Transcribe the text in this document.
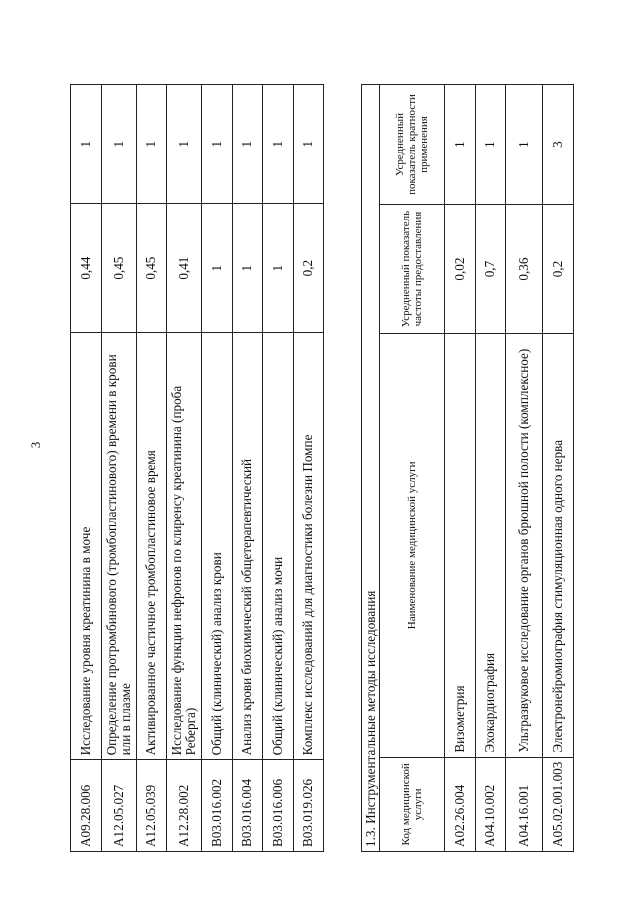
3
A09.28.006	Исследование уровня креатинина в моче	0,44	1
A12.05.027	Определение протромбинового (тромбопластинового) времени в крови или в плазме	0,45	1
A12.05.039	Активированное частичное тромбопластиновое время	0,45	1
A12.28.002	Исследование функции нефронов по клиренсу креатинина (проба Реберга)	0,41	1
B03.016.002	Общий (клинический) анализ крови	1	1
B03.016.004	Анализ крови биохимический общетерапевтический	1	1
B03.016.006	Общий (клинический) анализ мочи	1	1
B03.019.026	Комплекс исследований для диагностики болезни Помпе	0,2	1
1.3. Инструментальные методы исследования			
Код медицинской услуги	Наименование медицинской услуги	Усредненный показатель частоты предоставления	Усредненный показатель кратности применения
A02.26.004	Визометрия	0,02	1
A04.10.002	Эхокардиография	0,7	1
A04.16.001	Ультразвуковое исследование органов брюшной полости (комплексное)	0,36	1
A05.02.001.003	Электронейромиография стимуляционная одного нерва	0,2	3
